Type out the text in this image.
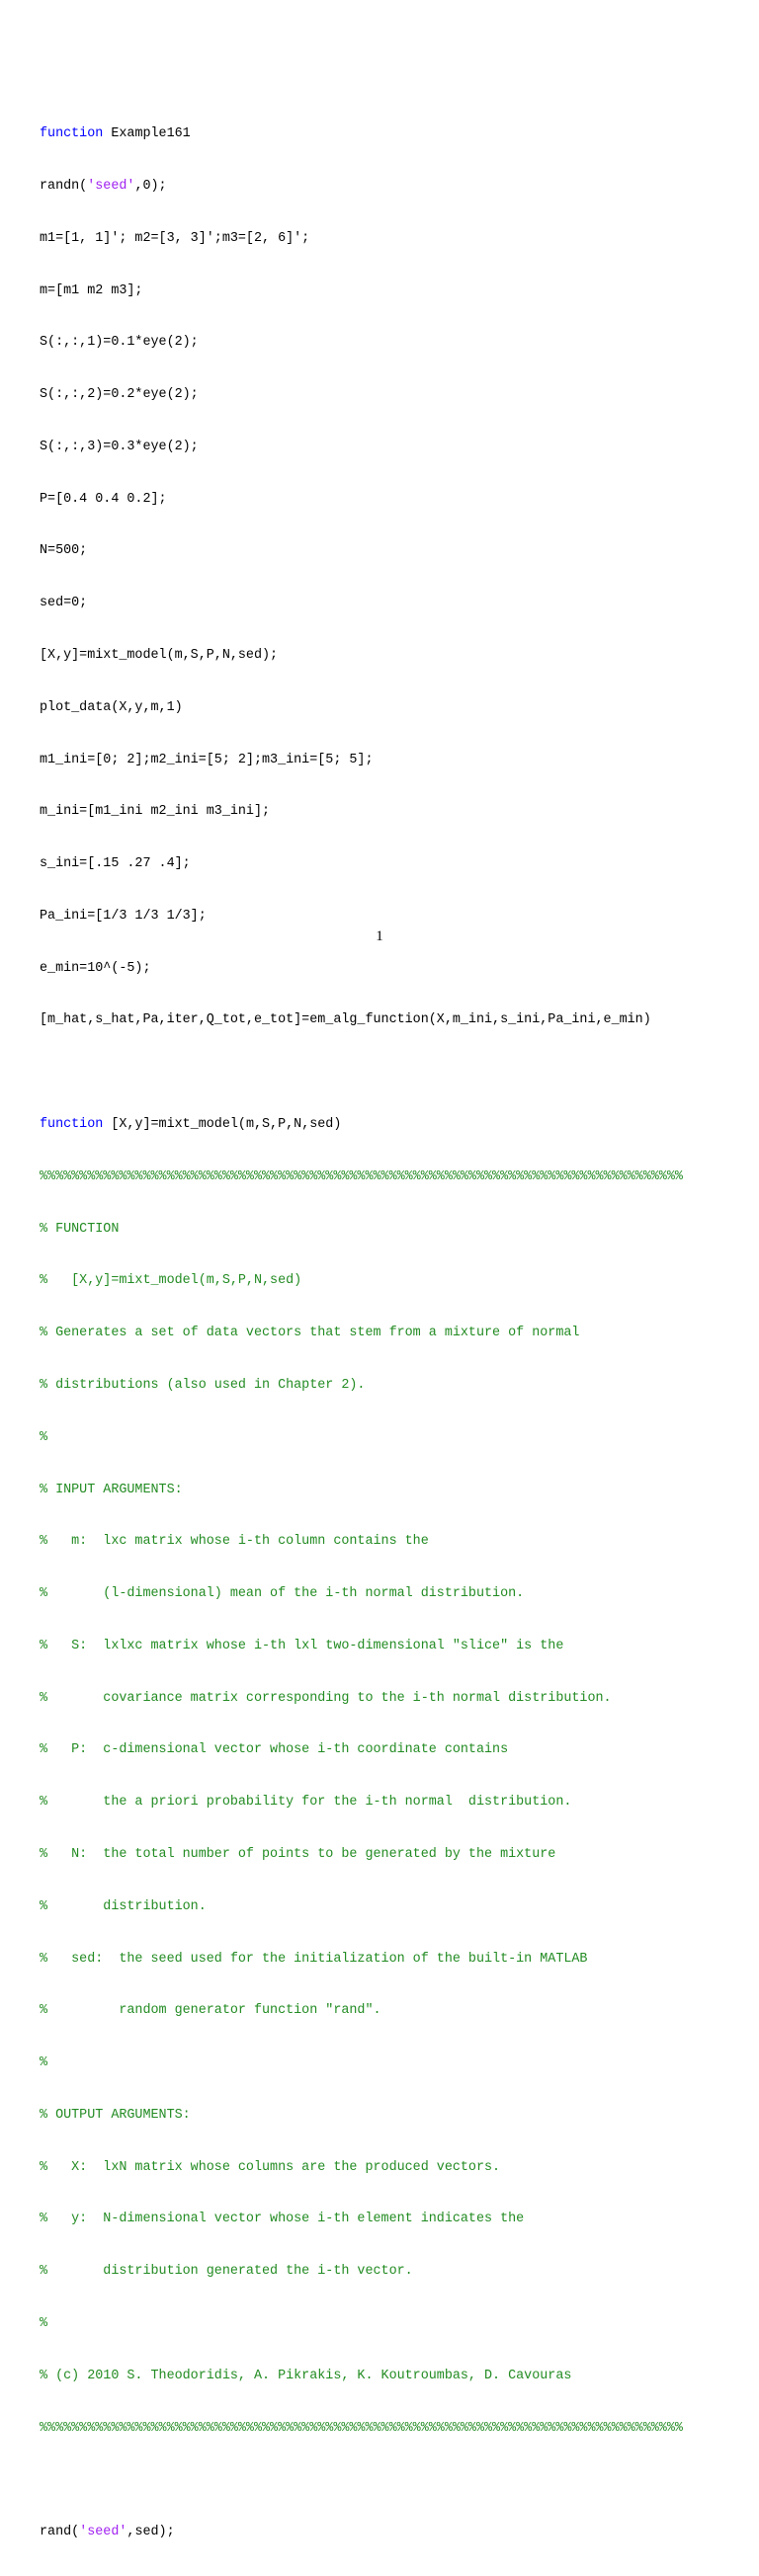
function Example161

randn('seed',0);

m1=[1, 1]'; m2=[3, 3]';m3=[2, 6]';

m=[m1 m2 m3];

S(:,:,1)=0.1*eye(2);

S(:,:,2)=0.2*eye(2);

S(:,:,3)=0.3*eye(2);

P=[0.4 0.4 0.2];

N=500;

sed=0;

[X,y]=mixt_model(m,S,P,N,sed);

plot_data(X,y,m,1)

m1_ini=[0; 2];m2_ini=[5; 2];m3_ini=[5; 5];

m_ini=[m1_ini m2_ini m3_ini];

s_ini=[.15 .27 .4];

Pa_ini=[1/3 1/3 1/3];

e_min=10^(-5);

[m_hat,s_hat,Pa,iter,Q_tot,e_tot]=em_alg_function(X,m_ini,s_ini,Pa_ini,e_min)

function [X,y]=mixt_model(m,S,P,N,sed)

%%%%%%%%%%%%%%%%%%%%%%%%%%%%%%%%%%%%%%%%%%%%%%%%%%%%%%%%%%%%%%%%%%%%%%%%%%%%%%%%%

% FUNCTION

%   [X,y]=mixt_model(m,S,P,N,sed)

% Generates a set of data vectors that stem from a mixture of normal

% distributions (also used in Chapter 2).

%

% INPUT ARGUMENTS:

%   m:  lxc matrix whose i-th column contains the

%       (l-dimensional) mean of the i-th normal distribution.

%   S:  lxlxc matrix whose i-th lxl two-dimensional "slice" is the

%       covariance matrix corresponding to the i-th normal distribution.

%   P:  c-dimensional vector whose i-th coordinate contains

%       the a priori probability for the i-th normal  distribution.

%   N:  the total number of points to be generated by the mixture

%       distribution.

%   sed:  the seed used for the initialization of the built-in MATLAB

%         random generator function "rand".

%

% OUTPUT ARGUMENTS:

%   X:  lxN matrix whose columns are the produced vectors.

%   y:  N-dimensional vector whose i-th element indicates the

%       distribution generated the i-th vector.

%

% (c) 2010 S. Theodoridis, A. Pikrakis, K. Koutroumbas, D. Cavouras

%%%%%%%%%%%%%%%%%%%%%%%%%%%%%%%%%%%%%%%%%%%%%%%%%%%%%%%%%%%%%%%%%%%%%%%%%%%%%%%%%

rand('seed',sed);

1
